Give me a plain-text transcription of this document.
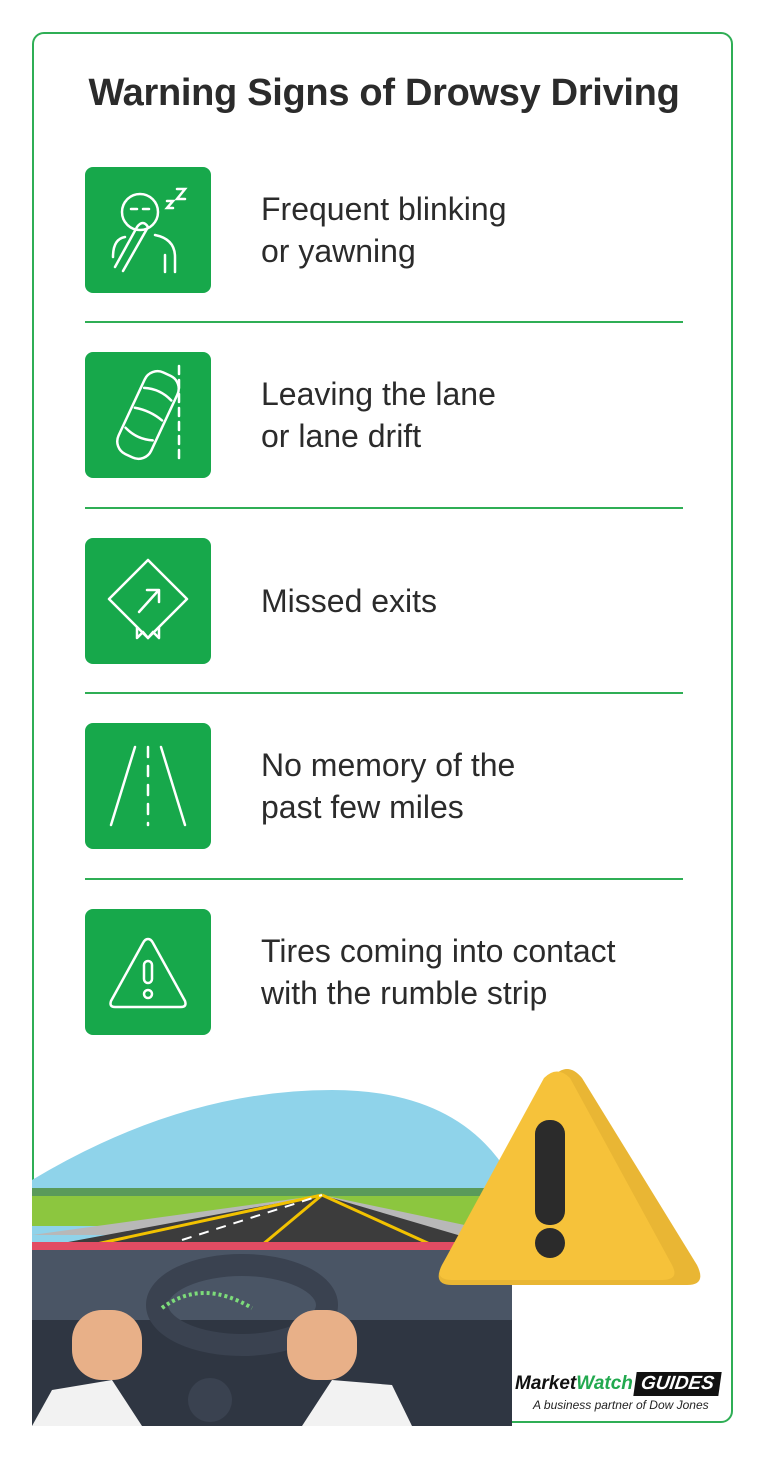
Warning Signs of Drowsy Driving
Frequent blinking
or yawning
Leaving the lane
or lane drift
Missed exits
No memory of the
past few miles
Tires coming into contact
with the rumble strip
Market Watch GUIDES
A business partner of Dow Jones
